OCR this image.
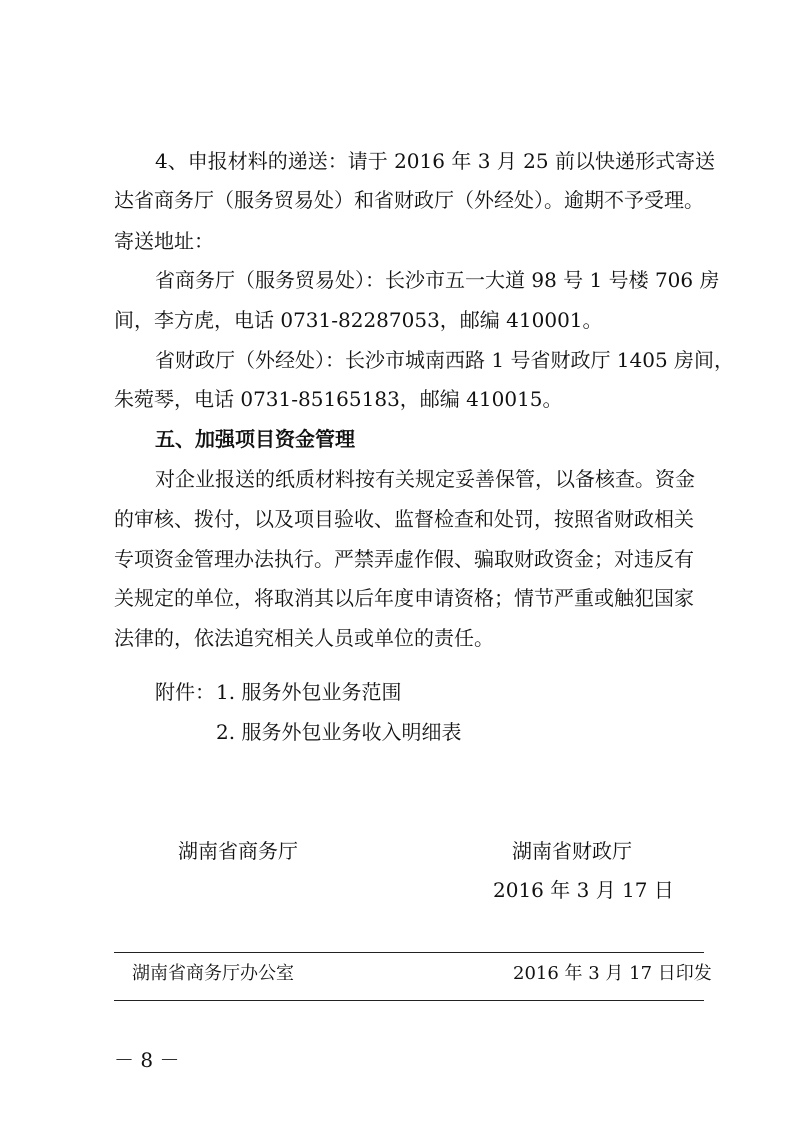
4、申报材料的递送：请于 2016 年 3 月 25 前以快递形式寄送

达省商务厅（服务贸易处）和省财政厅（外经处）。逾期不予受理。

寄送地址：

省商务厅（服务贸易处）：长沙市五一大道 98 号 1 号楼 706 房

间，李方虎，电话 0731-82287053，邮编 410001。

省财政厅（外经处）：长沙市城南西路 1 号省财政厅 1405 房间，

朱菀琴，电话 0731-85165183，邮编 410015。

五、加强项目资金管理

对企业报送的纸质材料按有关规定妥善保管，以备核查。资金

的审核、拨付，以及项目验收、监督检查和处罚，按照省财政相关

专项资金管理办法执行。严禁弄虚作假、骗取财政资金；对违反有

关规定的单位，将取消其以后年度申请资格；情节严重或触犯国家

法律的，依法追究相关人员或单位的责任。

附件： 1. 服务外包业务范围
2. 服务外包业务收入明细表
湖南省商务厅	湖南省财政厅
2016 年 3 月 17 日
湖南省商务厅办公室	2016 年 3 月 17 日印发
－ 8 －
